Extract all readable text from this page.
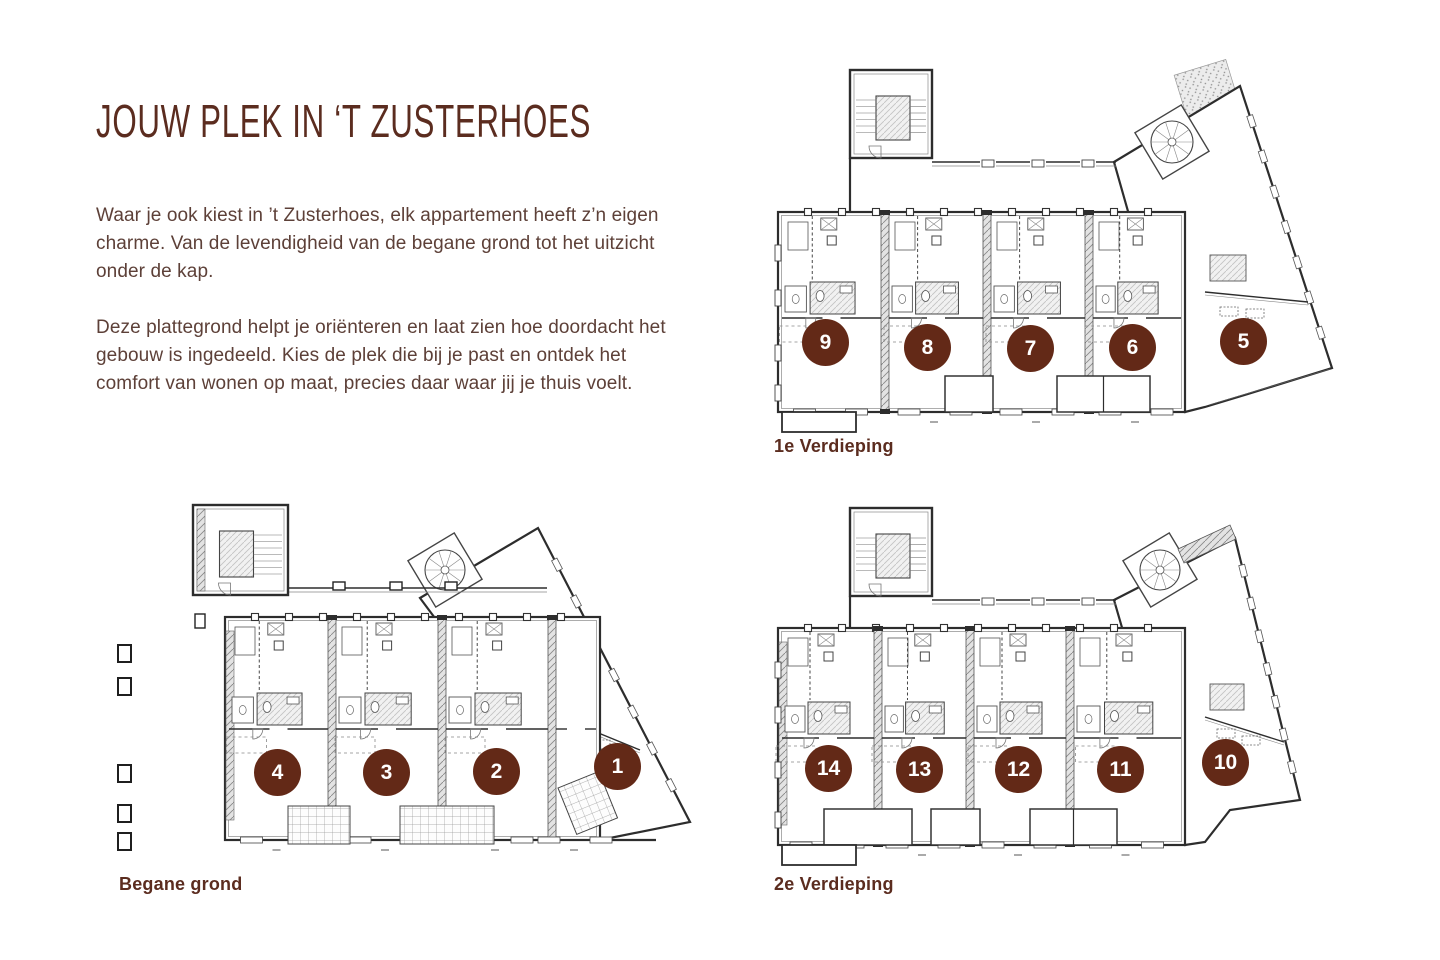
JOUW PLEK IN ‘T ZUSTERHOES

Waar je ook kiest in ’t Zusterhoes, elk appartement heeft z’n eigen charme. Van de levendigheid van de begane grond tot het uitzicht onder de kap.

Deze plattegrond helpt je oriënteren en laat zien hoe doordacht het gebouw is ingedeeld. Kies de plek die bij je past en ontdek het comfort van wonen op maat, precies daar waar jij je thuis voelt.

9	8	7	6	5
1e Verdieping
4	3	2	1
Begane grond
14	13	12	11	10
2e Verdieping
